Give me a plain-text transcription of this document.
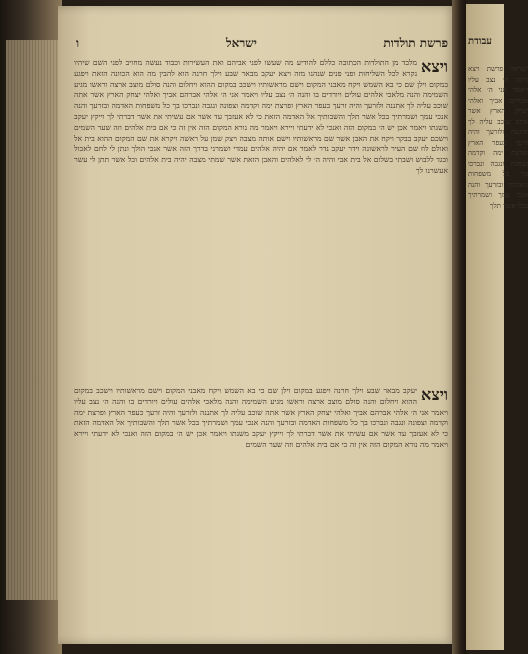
פרשת תולדות
ישראל
ו
ויצא
מלבד מן התולדות הכתובה כללם להודיע מה שעשו לפני אביהם ואת העשירות וכבוד נעשה מחויב לפני השם שיהיו נקרא לכל השליחות ופני פנים שנהנו מזה ויצא יעקב מבאר שבע וילך חרנה הוא להבין מה הוא הכוונה הזאת ויפגע במקום וילן שם כי בא השמש ויקח מאבני המקום וישם מראשותיו וישכב במקום ההוא ויחלום והנה סולם מוצב ארצה וראשו מגיע השמימה והנה מלאכי אלהים עולים ויורדים בו והנה ה׳ נצב עליו ויאמר אני ה׳ אלהי אברהם אביך ואלהי יצחק הארץ אשר אתה שוכב עליה לך אתננה ולזרעך והיה זרעך כעפר הארץ ופרצת ימה וקדמה וצפונה ונגבה ונברכו בך כל משפחות האדמה ובזרעך והנה אנכי עמך ושמרתיך בכל אשר תלך והשבותיך אל האדמה הזאת כי לא אעזבך עד אשר אם עשיתי את אשר דברתי לך וייקץ יעקב משנתו ויאמר אכן יש ה׳ במקום הזה ואנכי לא ידעתי ויירא ויאמר מה נורא המקום הזה אין זה כי אם בית אלהים וזה שער השמים וישכם יעקב בבקר ויקח את האבן אשר שם מראשותיו וישם אותה מצבה ויצק שמן על ראשה ויקרא את שם המקום ההוא בית אל ואולם לוז שם העיר לראשונה וידר יעקב נדר לאמר אם יהיה אלהים עמדי ושמרני בדרך הזה אשר אנכי הולך ונתן לי לחם לאכול ובגד ללבוש ושבתי בשלום אל בית אבי והיה ה׳ לי לאלהים והאבן הזאת אשר שמתי מצבה יהיה בית אלהים וכל אשר תתן לי עשר אעשרנו לך
ויצא
יעקב מבאר שבע וילך חרנה ויפגע במקום וילן שם כי בא השמש ויקח מאבני המקום וישם מראשותיו וישכב במקום ההוא ויחלום והנה סולם מוצב ארצה וראשו מגיע השמימה והנה מלאכי אלהים עולים ויורדים בו והנה ה׳ נצב עליו ויאמר אני ה׳ אלהי אברהם אביך ואלהי יצחק הארץ אשר אתה שוכב עליה לך אתננה ולזרעך והיה זרעך כעפר הארץ ופרצת ימה וקדמה וצפונה ונגבה ונברכו בך כל משפחות האדמה ובזרעך והנה אנכי עמך ושמרתיך בכל אשר תלך והשבותיך אל האדמה הזאת כי לא אעזבך עד אשר אם עשיתי את אשר דברתי לך וייקץ יעקב משנתו ויאמר אכן יש ה׳ במקום הזה ואנכי לא ידעתי ויירא ויאמר מה נורא המקום הזה אין זה כי אם בית אלהים וזה שער השמים
עבודת
ישראל פרשת ויצא והנה ה׳ נצב עליו ויאמר אני ה׳ אלהי אברהם אביך ואלהי יצחק הארץ אשר אתה שוכב עליה לך אתננה ולזרעך והיה זרעך כעפר הארץ ופרצת ימה וקדמה וצפונה ונגבה ונברכו בך כל משפחות האדמה ובזרעך והנה אנכי עמך ושמרתיך בכל אשר תלך
